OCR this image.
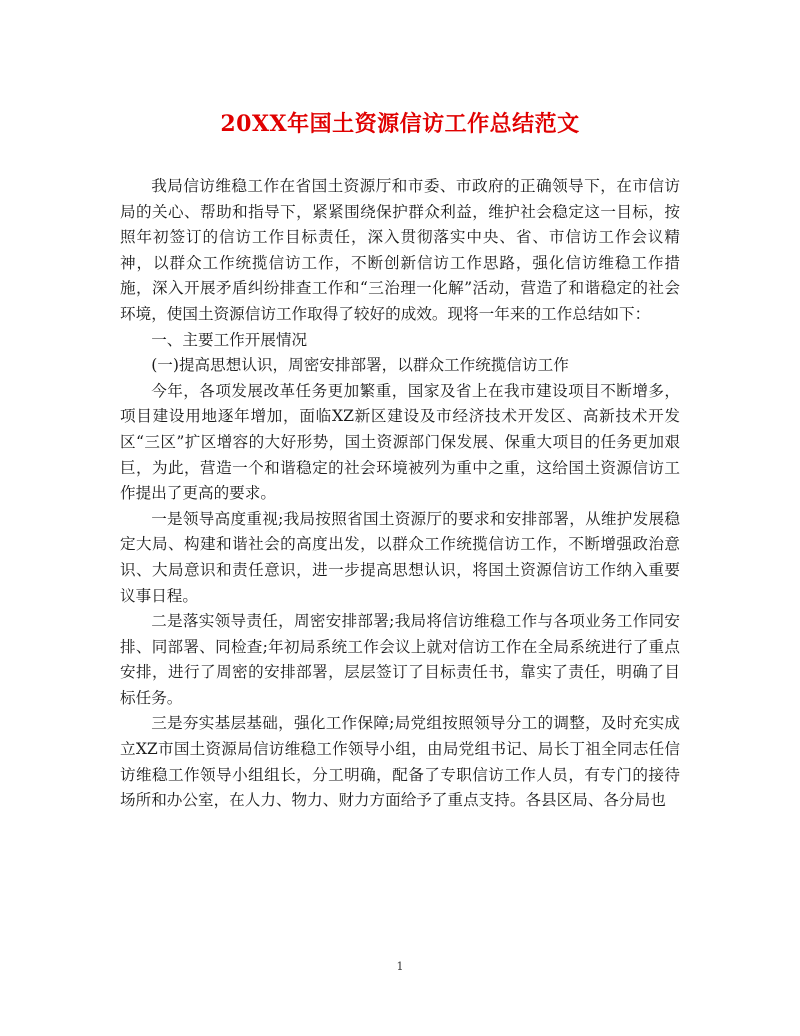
20XX年国土资源信访工作总结范文

我局信访维稳工作在省国土资源厅和市委、市政府的正确领导下，在市信访局的关心、帮助和指导下，紧紧围绕保护群众利益，维护社会稳定这一目标，按照年初签订的信访工作目标责任，深入贯彻落实中央、省、市信访工作会议精神，以群众工作统揽信访工作，不断创新信访工作思路，强化信访维稳工作措施，深入开展矛盾纠纷排查工作和“三治理一化解”活动，营造了和谐稳定的社会环境，使国土资源信访工作取得了较好的成效。现将一年来的工作总结如下：

一、主要工作开展情况

(一)提高思想认识，周密安排部署，以群众工作统揽信访工作

今年，各项发展改革任务更加繁重，国家及省上在我市建设项目不断增多，项目建设用地逐年增加，面临XZ新区建设及市经济技术开发区、高新技术开发区“三区”扩区增容的大好形势，国土资源部门保发展、保重大项目的任务更加艰巨，为此，营造一个和谐稳定的社会环境被列为重中之重，这给国土资源信访工作提出了更高的要求。

一是领导高度重视;我局按照省国土资源厅的要求和安排部署，从维护发展稳定大局、构建和谐社会的高度出发，以群众工作统揽信访工作，不断增强政治意识、大局意识和责任意识，进一步提高思想认识，将国土资源信访工作纳入重要议事日程。

二是落实领导责任，周密安排部署;我局将信访维稳工作与各项业务工作同安排、同部署、同检查;年初局系统工作会议上就对信访工作在全局系统进行了重点安排，进行了周密的安排部署，层层签订了目标责任书，靠实了责任，明确了目标任务。

三是夯实基层基础，强化工作保障;局党组按照领导分工的调整，及时充实成立XZ市国土资源局信访维稳工作领导小组，由局党组书记、局长丁祖全同志任信访维稳工作领导小组组长，分工明确，配备了专职信访工作人员，有专门的接待场所和办公室，在人力、物力、财力方面给予了重点支持。各县区局、各分局也

1
